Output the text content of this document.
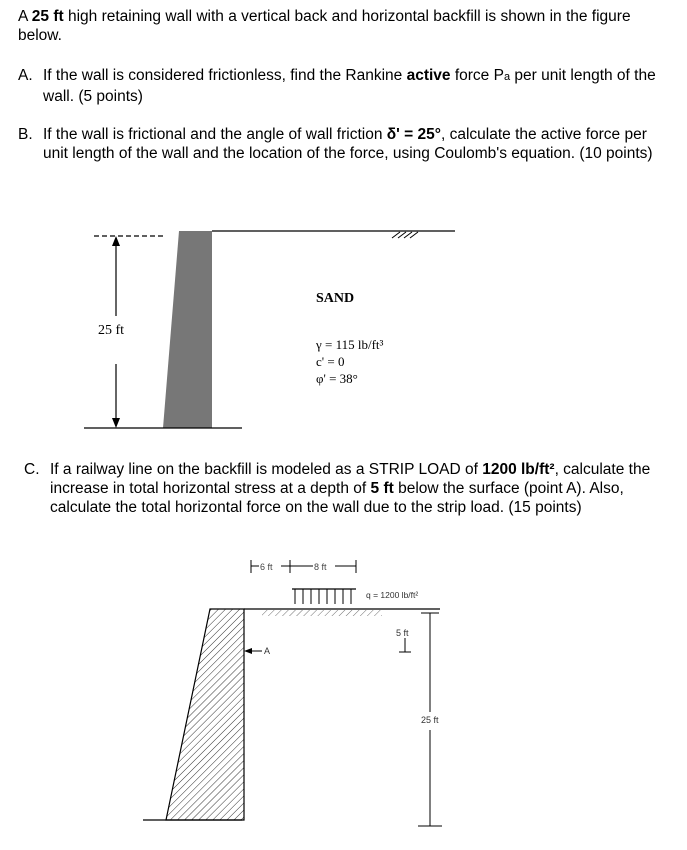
A 25 ft high retaining wall with a vertical back and horizontal backfill is shown in the figure below.
A. If the wall is considered frictionless, find the Rankine active force Pa per unit length of the wall. (5 points)
B. If the wall is frictional and the angle of wall friction δ' = 25°, calculate the active force per unit length of the wall and the location of the force, using Coulomb's equation. (10 points)
C. If a railway line on the backfill is modeled as a STRIP LOAD of 1200 lb/ft², calculate the increase in total horizontal stress at a depth of 5 ft below the surface (point A). Also, calculate the total horizontal force on the wall due to the strip load. (15 points)
25 ft
SAND
γ = 115 lb/ft³
c' = 0
φ' = 38°
6 ft	8 ft
q = 1200 lb/ft²
A
5 ft
25 ft
